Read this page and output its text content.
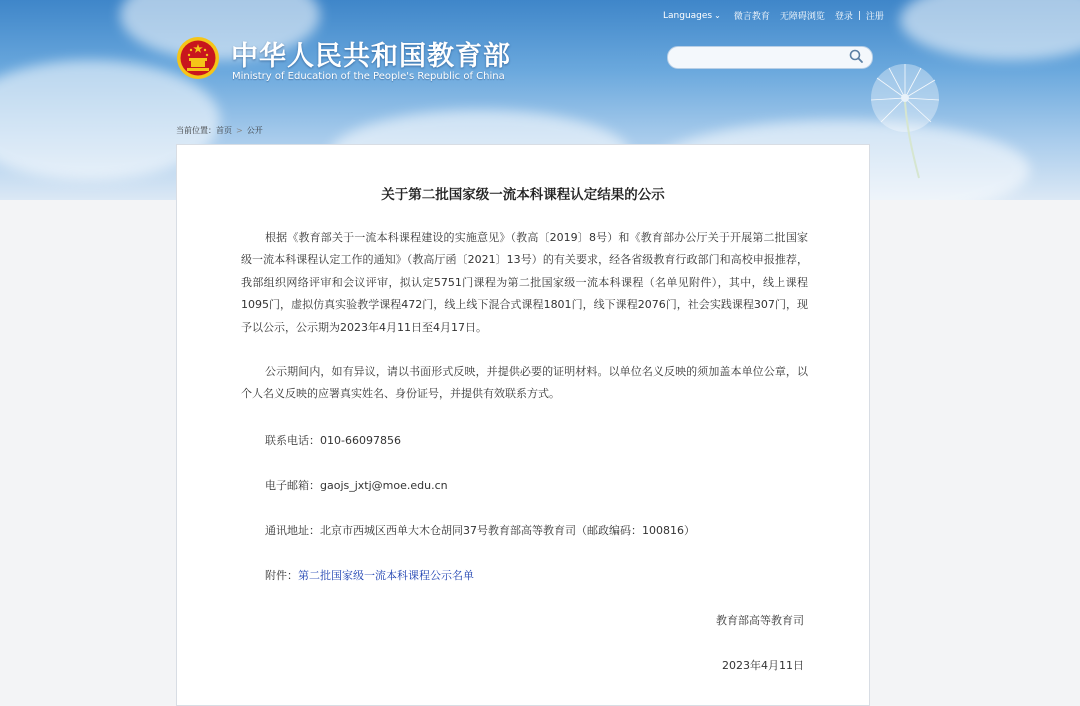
Languages ⌄ 微言教育 无障碍浏览 登录 | 注册
中华人民共和国教育部
Ministry of Education of the People's Republic of China
当前位置：首页 > 公开
关于第二批国家级一流本科课程认定结果的公示

根据《教育部关于一流本科课程建设的实施意见》（教高〔2019〕8号）和《教育部办公厅关于开展第二批国家级一流本科课程认定工作的通知》（教高厅函〔2021〕13号）的有关要求，经各省级教育行政部门和高校申报推荐，我部组织网络评审和会议评审，拟认定5751门课程为第二批国家级一流本科课程（名单见附件），其中，线上课程1095门，虚拟仿真实验教学课程472门，线上线下混合式课程1801门，线下课程2076门，社会实践课程307门，现予以公示，公示期为2023年4月11日至4月17日。

公示期间内，如有异议，请以书面形式反映，并提供必要的证明材料。以单位名义反映的须加盖本单位公章，以个人名义反映的应署真实姓名、身份证号，并提供有效联系方式。

联系电话：010-66097856
电子邮箱：gaojs_jxtj@moe.edu.cn
通讯地址：北京市西城区西单大木仓胡同37号教育部高等教育司（邮政编码：100816）
附件：第二批国家级一流本科课程公示名单
教育部高等教育司
2023年4月11日
